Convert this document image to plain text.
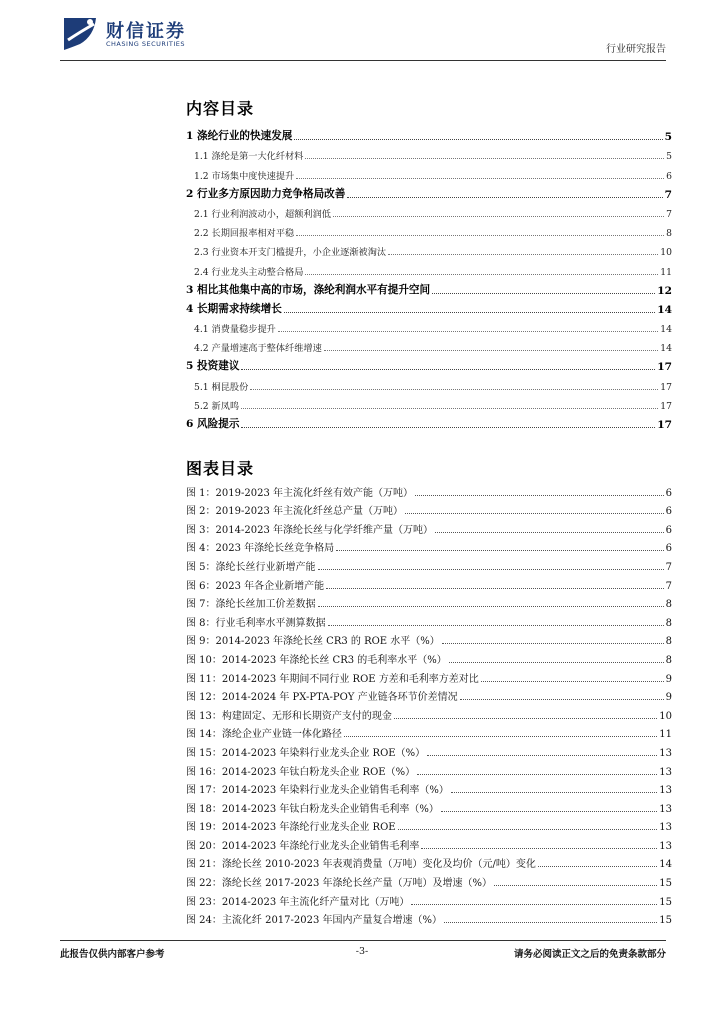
财信证券
CHASING SECURITIES	行业研究报告
内容目录
1 涤纶行业的快速发展	5
1.1 涤纶是第一大化纤材料	5
1.2 市场集中度快速提升	6
2 行业多方原因助力竞争格局改善	7
2.1 行业利润波动小，超额利润低	7
2.2 长期回报率相对平稳	8
2.3 行业资本开支门槛提升，小企业逐渐被淘汰	10
2.4 行业龙头主动整合格局	11
3 相比其他集中高的市场，涤纶利润水平有提升空间	12
4 长期需求持续增长	14
4.1 消费量稳步提升	14
4.2 产量增速高于整体纤维增速	14
5 投资建议	17
5.1 桐昆股份	17
5.2 新凤鸣	17
6 风险提示	17
图表目录
图 1：2019-2023 年主流化纤丝有效产能（万吨）	6
图 2：2019-2023 年主流化纤丝总产量（万吨）	6
图 3：2014-2023 年涤纶长丝与化学纤维产量（万吨）	6
图 4：2023 年涤纶长丝竞争格局	6
图 5：涤纶长丝行业新增产能	7
图 6：2023 年各企业新增产能	7
图 7：涤纶长丝加工价差数据	8
图 8：行业毛利率水平测算数据	8
图 9：2014-2023 年涤纶长丝 CR3 的 ROE 水平（%）	8
图 10：2014-2023 年涤纶长丝 CR3 的毛利率水平（%）	8
图 11：2014-2023 年期间不同行业 ROE 方差和毛利率方差对比	9
图 12：2014-2024 年 PX-PTA-POY 产业链各环节价差情况	9
图 13：构建固定、无形和长期资产支付的现金	10
图 14：涤纶企业产业链一体化路径	11
图 15：2014-2023 年染料行业龙头企业 ROE（%）	13
图 16：2014-2023 年钛白粉龙头企业 ROE（%）	13
图 17：2014-2023 年染料行业龙头企业销售毛利率（%）	13
图 18：2014-2023 年钛白粉龙头企业销售毛利率（%）	13
图 19：2014-2023 年涤纶行业龙头企业 ROE	13
图 20：2014-2023 年涤纶行业龙头企业销售毛利率	13
图 21：涤纶长丝 2010-2023 年表观消费量（万吨）变化及均价（元/吨）变化	14
图 22：涤纶长丝 2017-2023 年涤纶长丝产量（万吨）及增速（%）	15
图 23：2014-2023 年主流化纤产量对比（万吨）	15
图 24：主流化纤 2017-2023 年国内产量复合增速（%）	15
此报告仅供内部客户参考	-3-	请务必阅读正文之后的免责条款部分
